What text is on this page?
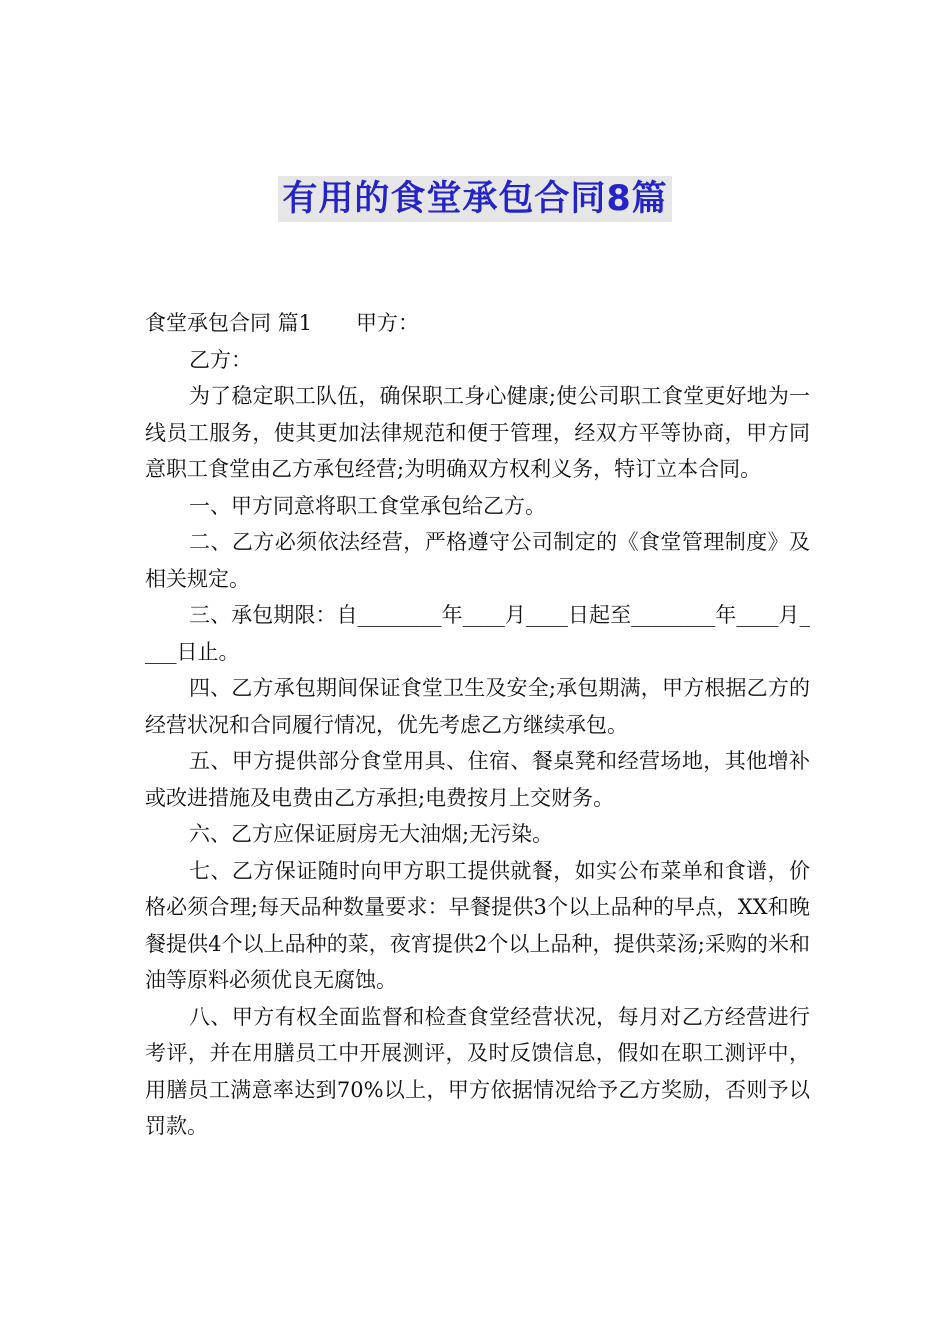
有用的食堂承包合同8篇

食堂承包合同 篇1 甲方：

乙方：

为了稳定职工队伍，确保职工身心健康;使公司职工食堂更好地为一线员工服务，使其更加法律规范和便于管理，经双方平等协商，甲方同意职工食堂由乙方承包经营;为明确双方权利义务，特订立本合同。

一、甲方同意将职工食堂承包给乙方。

二、乙方必须依法经营，严格遵守公司制定的《食堂管理制度》及相关规定。

三、承包期限：自________年____月____日起至________年____月____日止。

四、乙方承包期间保证食堂卫生及安全;承包期满，甲方根据乙方的经营状况和合同履行情况，优先考虑乙方继续承包。

五、甲方提供部分食堂用具、住宿、餐桌凳和经营场地，其他增补或改进措施及电费由乙方承担;电费按月上交财务。

六、乙方应保证厨房无大油烟;无污染。

七、乙方保证随时向甲方职工提供就餐，如实公布菜单和食谱，价格必须合理;每天品种数量要求：早餐提供3个以上品种的早点，XX和晚餐提供4个以上品种的菜，夜宵提供2个以上品种，提供菜汤;采购的米和油等原料必须优良无腐蚀。

八、甲方有权全面监督和检查食堂经营状况，每月对乙方经营进行考评，并在用膳员工中开展测评，及时反馈信息，假如在职工测评中，用膳员工满意率达到70%以上，甲方依据情况给予乙方奖励，否则予以罚款。
